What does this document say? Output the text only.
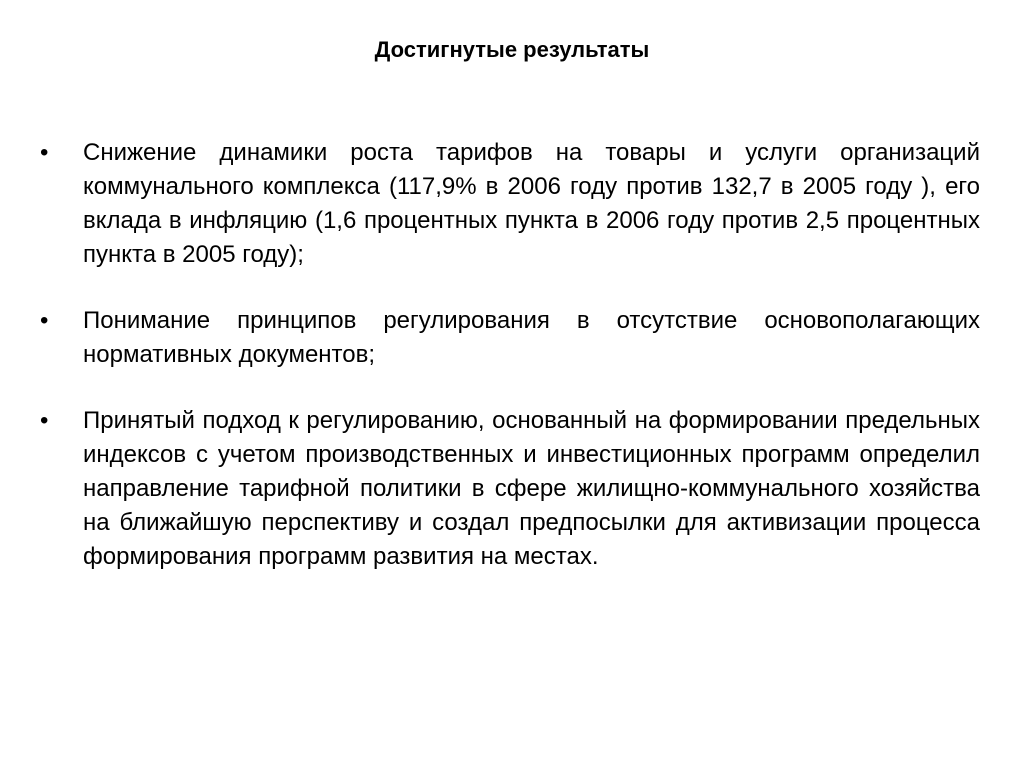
Достигнутые результаты
•	Снижение динамики роста тарифов на товары и услуги организаций коммунального комплекса (117,9% в 2006 году против 132,7 в 2005 году ), его вклада в инфляцию (1,6 процентных пункта в 2006 году против 2,5 процентных пункта в 2005 году);
•	Понимание принципов регулирования в отсутствие основополагающих нормативных документов;
•	Принятый подход к регулированию, основанный на формировании предельных индексов с учетом производственных и инвестиционных программ определил направление тарифной политики в сфере жилищно-коммунального хозяйства на ближайшую перспективу и создал предпосылки для активизации процесса формирования программ развития на местах.
